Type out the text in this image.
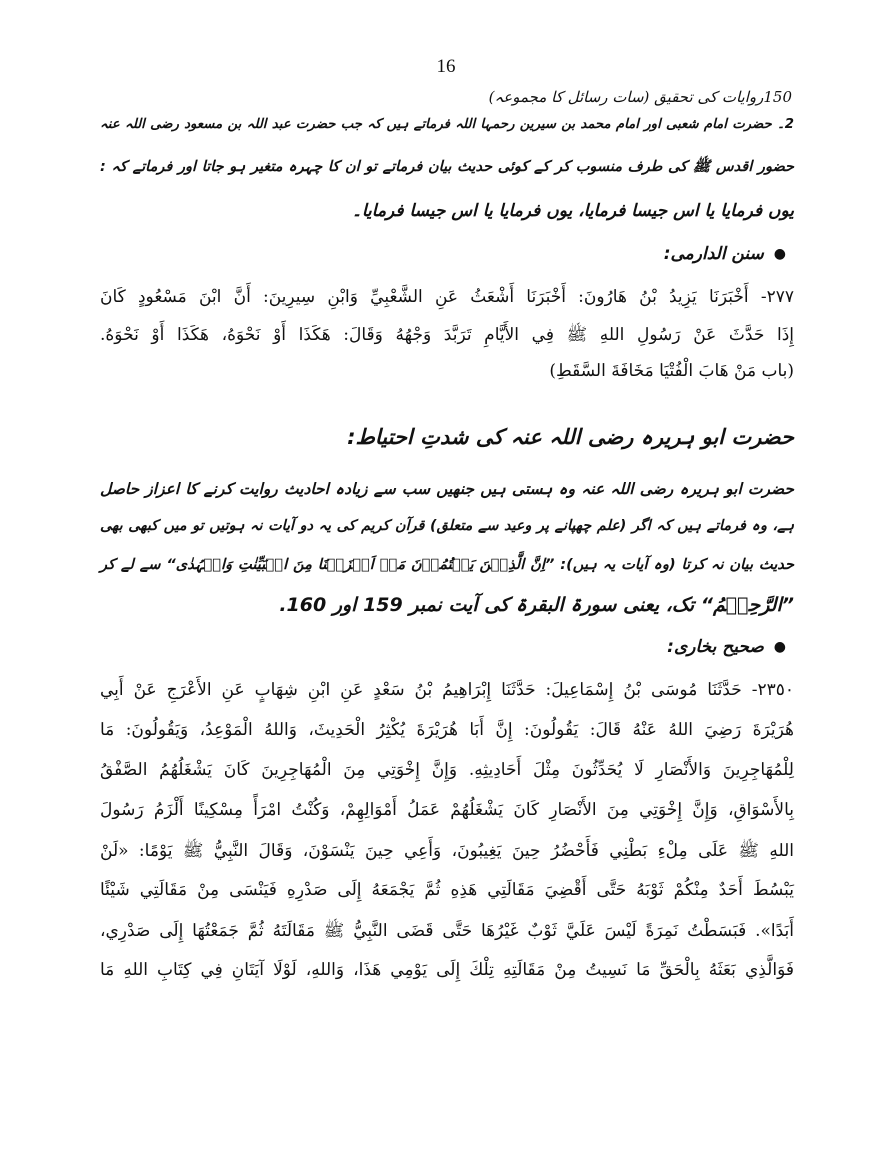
16
150روایات کی تحقیق (سات رسائل کا مجموعہ)
2۔ حضرت امام شعبی اور امام محمد بن سیرین رحمہا اللہ فرماتے ہیں کہ جب حضرت عبد اللہ بن مسعود رضی اللہ عنہ
حضور اقدس ﷺ کی طرف منسوب کر کے کوئی حدیث بیان فرماتے تو ان کا چہرہ متغیر ہو جاتا اور فرماتے کہ :
یوں فرمایا یا اس جیسا فرمایا، یوں فرمایا یا اس جیسا فرمایا۔
●
سنن الدارمی:
٢٧٧- أَخْبَرَنَا يَزِيدُ بْنُ هَارُونَ: أَخْبَرَنَا أَشْعَثُ عَنِ الشَّعْبِيِّ وَابْنِ سِيرِينَ: أَنَّ ابْنَ مَسْعُودٍ كَانَ
إِذَا حَدَّثَ عَنْ رَسُولِ اللهِ ﷺ فِي الأَيَّامِ تَرَبَّدَ وَجْهُهُ وَقَالَ: هَكَذَا أَوْ نَحْوَهُ، هَكَذَا أَوْ نَحْوَهُ.
(باب مَنْ هَابَ الْفُتْيَا مَخَافَةَ السَّقَطِ)
حضرت ابو ہریرہ رضی اللہ عنہ کی شدتِ احتیاط:
حضرت ابو ہریرہ رضی اللہ عنہ وہ ہستی ہیں جنھیں سب سے زیادہ احادیث روایت کرنے کا اعزاز حاصل
ہے، وہ فرماتے ہیں کہ اگر (علم چھپانے پر وعید سے متعلق) قرآن کریم کی یہ دو آیات نہ ہوتیں تو میں کبھی بھی
حدیث بیان نہ کرتا (وہ آیات یہ ہیں): ”اِنَّ الَّذِیۡنَ یَکۡتُمُوۡنَ مَاۤ اَنۡزَلۡنَا مِنَ الۡبَیِّنٰتِ وَالۡہُدٰی“ سے لے کر
”الرَّحِیۡمُ“ تک، یعنی سورۃ البقرۃ کی آیت نمبر 159 اور 160.
●
صحیح بخاری:
٢٣٥٠- حَدَّثَنَا مُوسَى بْنُ إِسْمَاعِيلَ: حَدَّثَنَا إِبْرَاهِيمُ بْنُ سَعْدٍ عَنِ ابْنِ شِهَابٍ عَنِ الأَعْرَجِ عَنْ أَبِي
هُرَيْرَةَ رَضِيَ اللهُ عَنْهُ قَالَ: يَقُولُونَ: إِنَّ أَبَا هُرَيْرَةَ يُكْثِرُ الْحَدِيثَ، وَاللهُ الْمَوْعِدُ، وَيَقُولُونَ: مَا
لِلْمُهَاجِرِينَ وَالأَنْصَارِ لَا يُحَدِّثُونَ مِثْلَ أَحَادِيثِهِ. وَإِنَّ إِخْوَتِي مِنَ الْمُهَاجِرِينَ كَانَ يَشْغَلُهُمُ الصَّفْقُ
بِالأَسْوَاقِ، وَإِنَّ إِخْوَتِي مِنَ الأَنْصَارِ كَانَ يَشْغَلُهُمْ عَمَلُ أَمْوَالِهِمْ، وَكُنْتُ امْرَأً مِسْكِينًا أَلْزَمُ رَسُولَ
اللهِ ﷺ عَلَى مِلْءِ بَطْنِي فَأَحْضُرُ حِينَ يَغِيبُونَ، وَأَعِي حِينَ يَنْسَوْنَ، وَقَالَ النَّبِيُّ ﷺ يَوْمًا: «لَنْ
يَبْسُطَ أَحَدٌ مِنْكُمْ ثَوْبَهُ حَتَّى أَقْضِيَ مَقَالَتِي هَذِهِ ثُمَّ يَجْمَعَهُ إِلَى صَدْرِهِ فَيَنْسَى مِنْ مَقَالَتِي شَيْئًا
أَبَدًا». فَبَسَطْتُ نَمِرَةً لَيْسَ عَلَيَّ ثَوْبٌ غَيْرُهَا حَتَّى قَضَى النَّبِيُّ ﷺ مَقَالَتَهُ ثُمَّ جَمَعْتُهَا إِلَى صَدْرِي،
فَوَالَّذِي بَعَثَهُ بِالْحَقِّ مَا نَسِيتُ مِنْ مَقَالَتِهِ تِلْكَ إِلَى يَوْمِي هَذَا، وَاللهِ، لَوْلَا آيَتَانِ فِي كِتَابِ اللهِ مَا
